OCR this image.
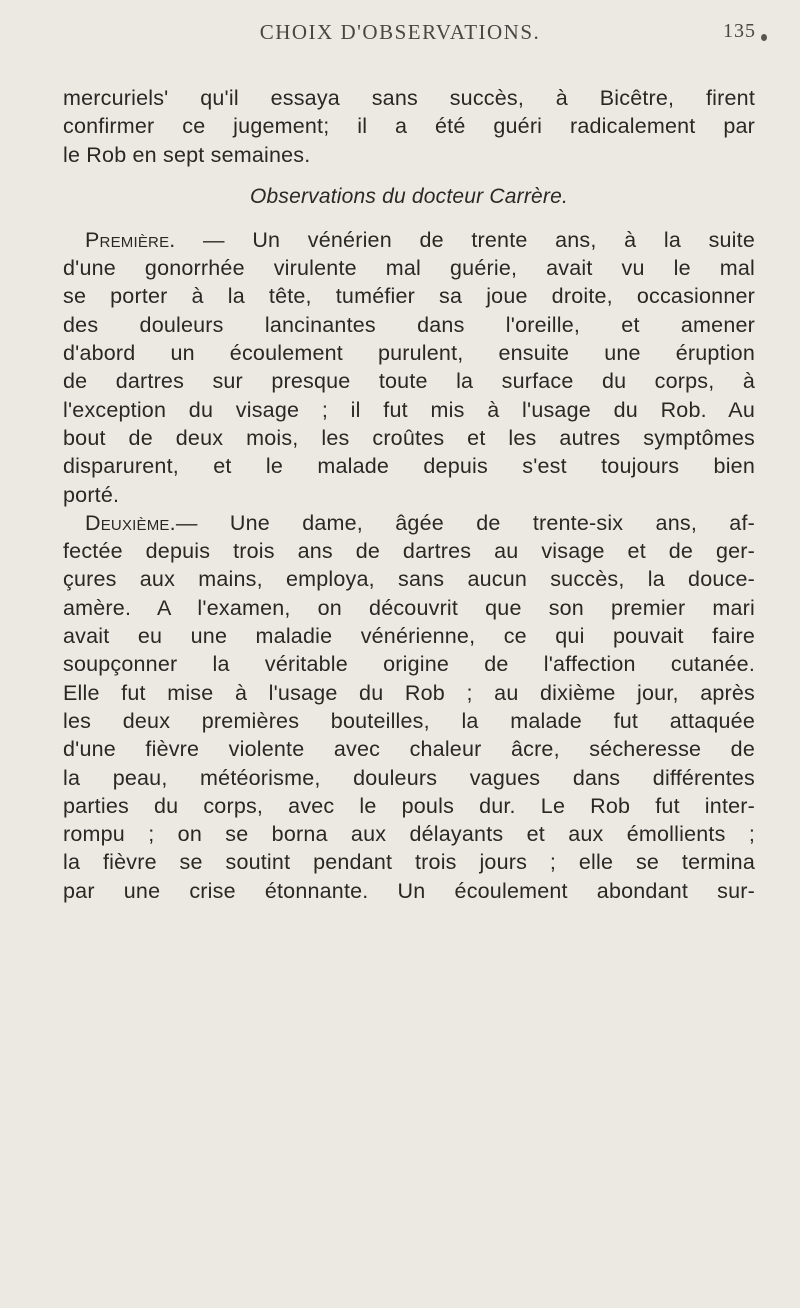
CHOIX D'OBSERVATIONS.	135
mercuriels' qu'il essaya sans succès, à Bicêtre, firent
confirmer ce jugement; il a été guéri radicalement par
le Rob en sept semaines.
Observations du docteur Carrère.
Première. — Un vénérien de trente ans, à la suite
d'une gonorrhée virulente mal guérie, avait vu le mal
se porter à la tête, tuméfier sa joue droite, occasionner
des douleurs lancinantes dans l'oreille, et amener
d'abord un écoulement purulent, ensuite une éruption
de dartres sur presque toute la surface du corps, à
l'exception du visage ; il fut mis à l'usage du Rob. Au
bout de deux mois, les croûtes et les autres symptômes
disparurent, et le malade depuis s'est toujours bien
porté.
Deuxième.— Une dame, âgée de trente-six ans, af-
fectée depuis trois ans de dartres au visage et de ger-
çures aux mains, employa, sans aucun succès, la douce-
amère. A l'examen, on découvrit que son premier mari
avait eu une maladie vénérienne, ce qui pouvait faire
soupçonner la véritable origine de l'affection cutanée.
Elle fut mise à l'usage du Rob ; au dixième jour, après
les deux premières bouteilles, la malade fut attaquée
d'une fièvre violente avec chaleur âcre, sécheresse de
la peau, météorisme, douleurs vagues dans différentes
parties du corps, avec le pouls dur. Le Rob fut inter-
rompu ; on se borna aux délayants et aux émollients ;
la fièvre se soutint pendant trois jours ; elle se termina
par une crise étonnante. Un écoulement abondant sur-
